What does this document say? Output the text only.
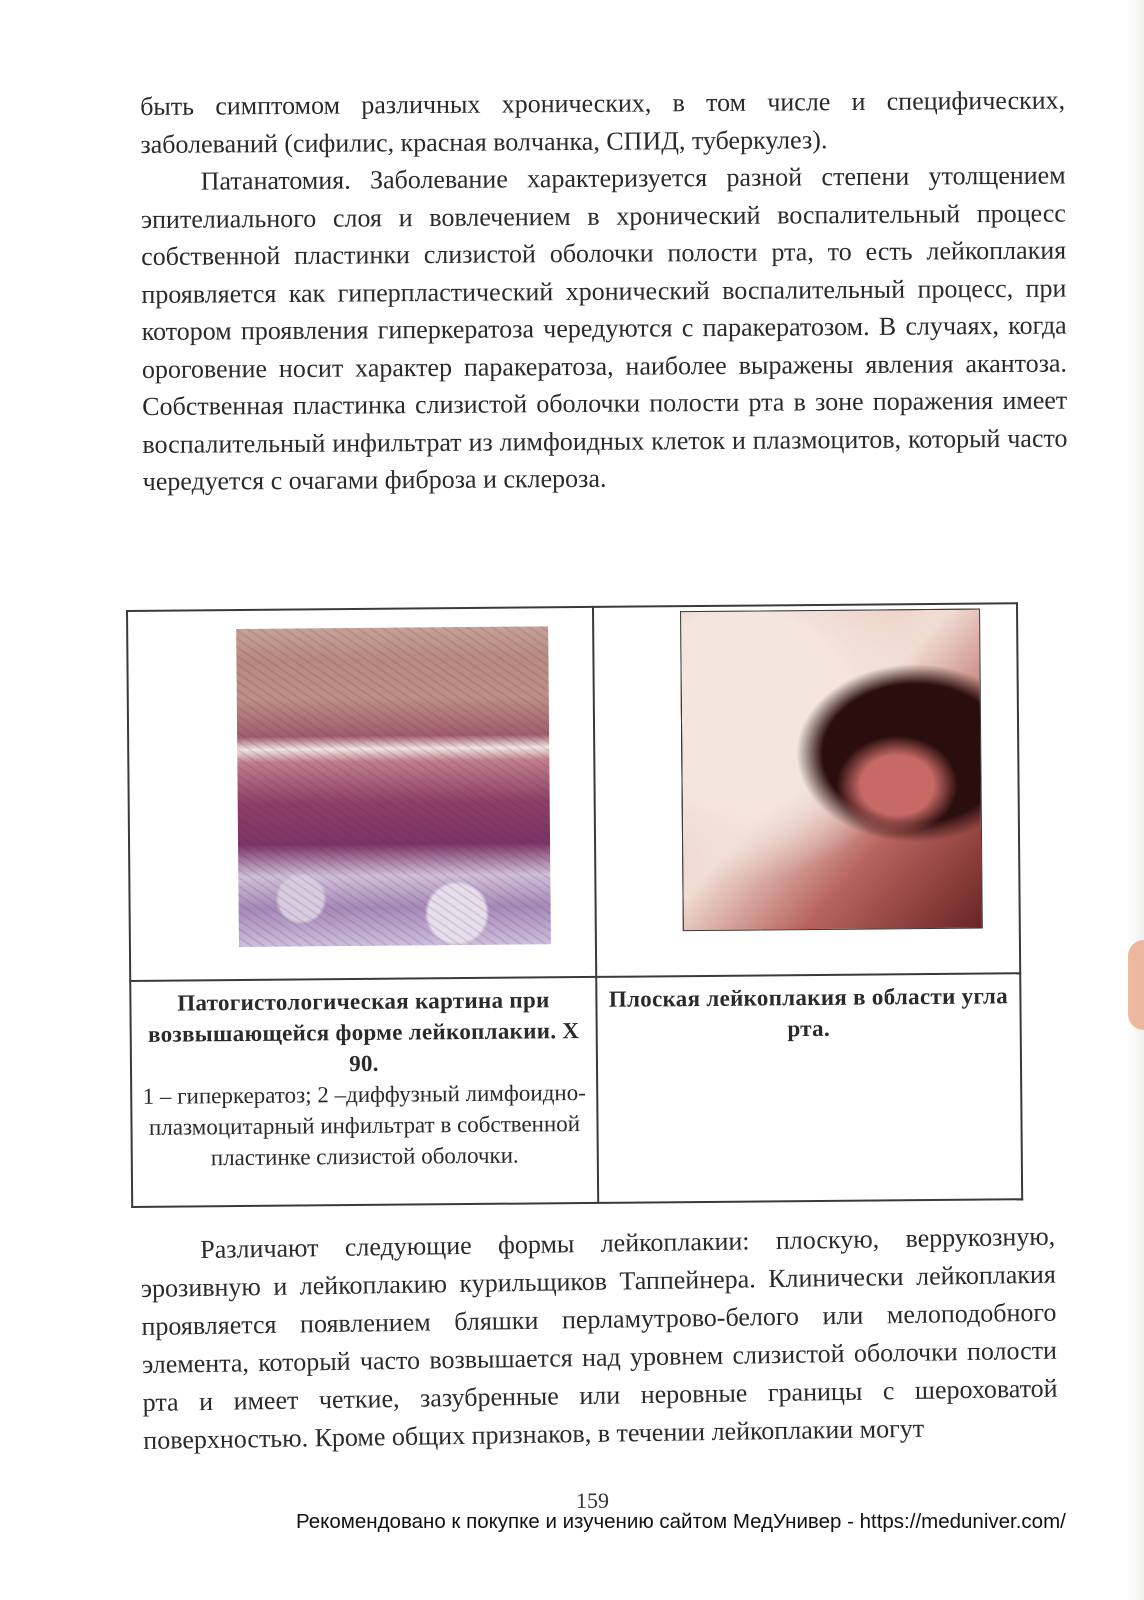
быть симптомом различных хронических, в том числе и специфических, заболеваний (сифилис, красная волчанка, СПИД, туберкулез).

Патанатомия. Заболевание характеризуется разной степени утолщением эпителиального слоя и вовлечением в хронический воспалительный процесс собственной пластинки слизистой оболочки полости рта, то есть лейкоплакия проявляется как гиперпластический хронический воспалительный процесс, при котором проявления гиперкератоза чередуются с паракератозом. В случаях, когда ороговение носит характер паракератоза, наиболее выражены явления акантоза. Собственная пластинка слизистой оболочки полости рта в зоне поражения имеет воспалительный инфильтрат из лимфоидных клеток и плазмоцитов, который часто чередуется с очагами фиброза и склероза.

Патогистологическая картина при возвышающейся форме лейкоплакии. Х 90.
1 – гиперкератоз; 2 –диффузный лимфоидно- плазмоцитарный инфильтрат в собственной пластинке слизистой оболочки.	Плоская лейкоплакия в области угла рта.

Различают следующие формы лейкоплакии: плоскую, веррукозную, эрозивную и лейкоплакию курильщиков Таппейнера. Клинически лейкоплакия проявляется появлением бляшки перламутрово-белого или мелоподобного элемента, который часто возвышается над уровнем слизистой оболочки полости рта и имеет четкие, зазубренные или неровные границы с шероховатой поверхностью. Кроме общих признаков, в течении лейкоплакии могут

159
Рекомендовано к покупке и изучению сайтом МедУнивер - https://meduniver.com/
